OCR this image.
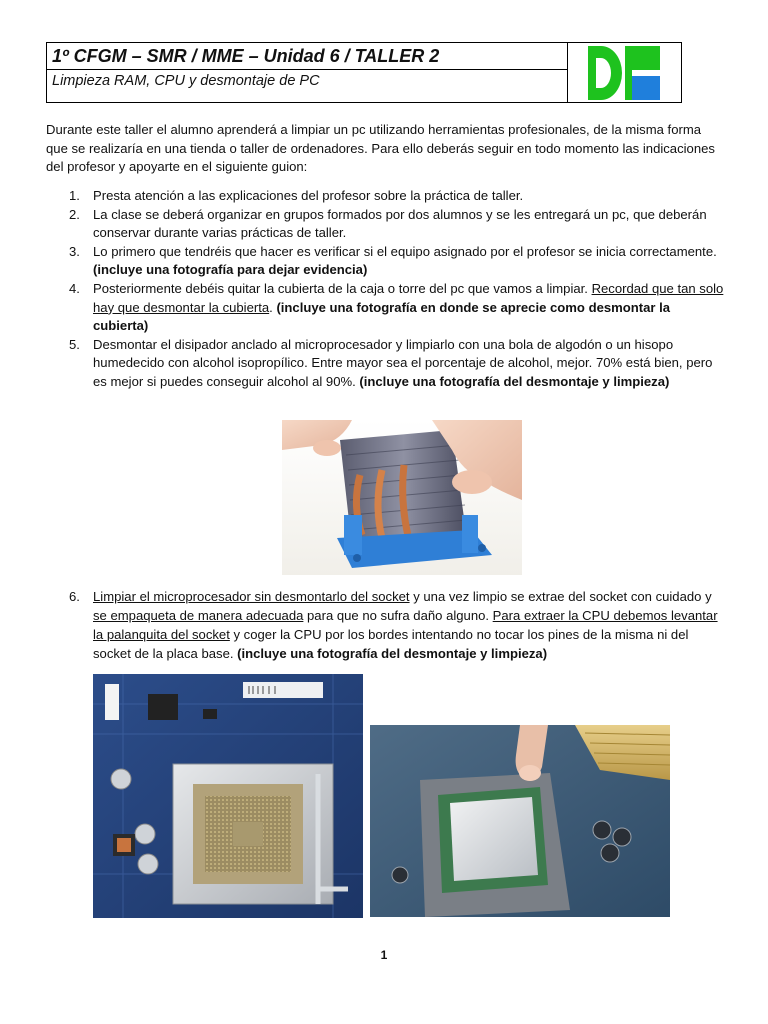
1º CFGM – SMR / MME – Unidad 6 / TALLER 2
Limpieza RAM, CPU y desmontaje de PC

Durante este taller el alumno aprenderá a limpiar un pc utilizando herramientas profesionales, de la misma forma que se realizaría en una tienda o taller de ordenadores. Para ello deberás seguir en todo momento las indicaciones del profesor y apoyarte en el siguiente guion:

1. Presta atención a las explicaciones del profesor sobre la práctica de taller.
2. La clase se deberá organizar en grupos formados por dos alumnos y se les entregará un pc, que deberán conservar durante varias prácticas de taller.
3. Lo primero que tendréis que hacer es verificar si el equipo asignado por el profesor se inicia correctamente. (incluye una fotografía para dejar evidencia)
4. Posteriormente debéis quitar la cubierta de la caja o torre del pc que vamos a limpiar. Recordad que tan solo hay que desmontar la cubierta. (incluye una fotografía en donde se aprecie como desmontar la cubierta)
5. Desmontar el disipador anclado al microprocesador y limpiarlo con una bola de algodón o un hisopo humedecido con alcohol isopropílico. Entre mayor sea el porcentaje de alcohol, mejor. 70% está bien, pero es mejor si puedes conseguir alcohol al 90%. (incluye una fotografía del desmontaje y limpieza)
6. Limpiar el microprocesador sin desmontarlo del socket y una vez limpio se extrae del socket con cuidado y se empaqueta de manera adecuada para que no sufra daño alguno. Para extraer la CPU debemos levantar la palanquita del socket y coger la CPU por los bordes intentando no tocar los pines de la misma ni del socket de la placa base. (incluye una fotografía del desmontaje y limpieza)
1
